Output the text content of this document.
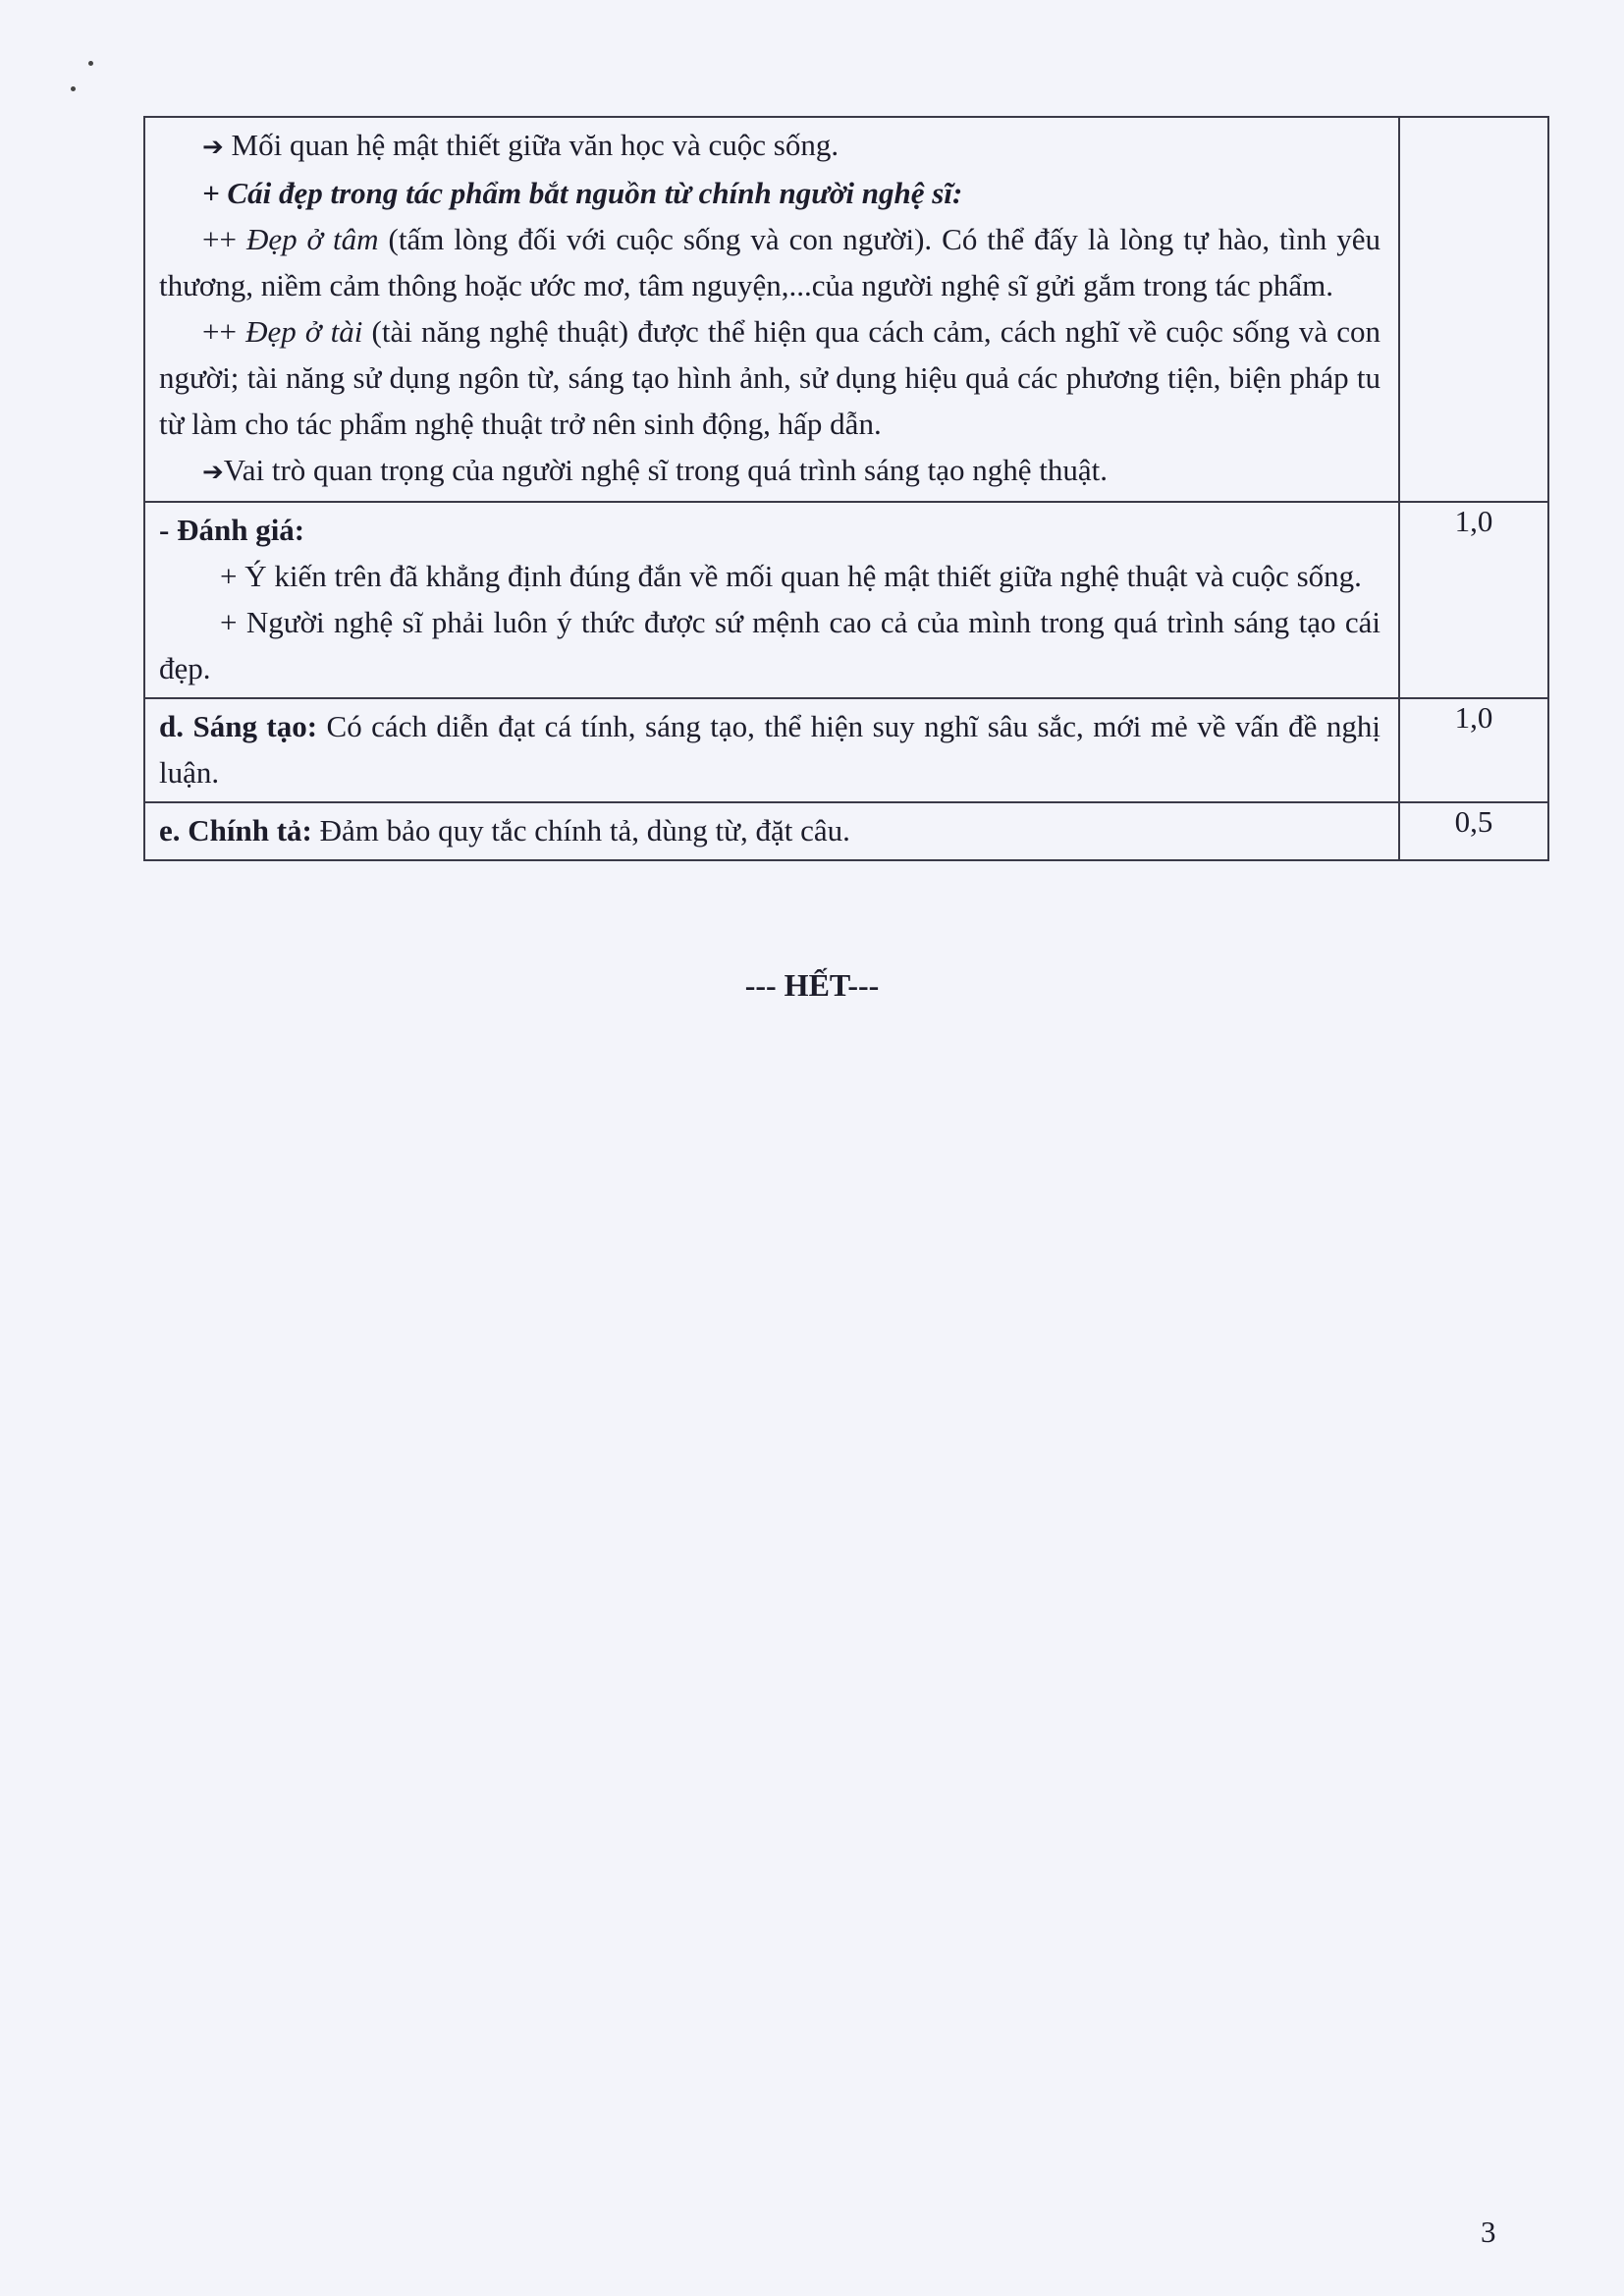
➔ Mối quan hệ mật thiết giữa văn học và cuộc sống.

+ Cái đẹp trong tác phẩm bắt nguồn từ chính người nghệ sĩ:

++ Đẹp ở tâm (tấm lòng đối với cuộc sống và con người). Có thể đấy là lòng tự hào, tình yêu thương, niềm cảm thông hoặc ước mơ, tâm nguyện,...của người nghệ sĩ gửi gắm trong tác phẩm.

++ Đẹp ở tài (tài năng nghệ thuật) được thể hiện qua cách cảm, cách nghĩ về cuộc sống và con người; tài năng sử dụng ngôn từ, sáng tạo hình ảnh, sử dụng hiệu quả các phương tiện, biện pháp tu từ làm cho tác phẩm nghệ thuật trở nên sinh động, hấp dẫn.

➔Vai trò quan trọng của người nghệ sĩ trong quá trình sáng tạo nghệ thuật.	

- Đánh giá:

+ Ý kiến trên đã khẳng định đúng đắn về mối quan hệ mật thiết giữa nghệ thuật và cuộc sống.

+ Người nghệ sĩ phải luôn ý thức được sứ mệnh cao cả của mình trong quá trình sáng tạo cái đẹp.	1,0

d. Sáng tạo: Có cách diễn đạt cá tính, sáng tạo, thể hiện suy nghĩ sâu sắc, mới mẻ về vấn đề nghị luận.	1,0

e. Chính tả: Đảm bảo quy tắc chính tả, dùng từ, đặt câu.	0,5
--- HẾT---
3
